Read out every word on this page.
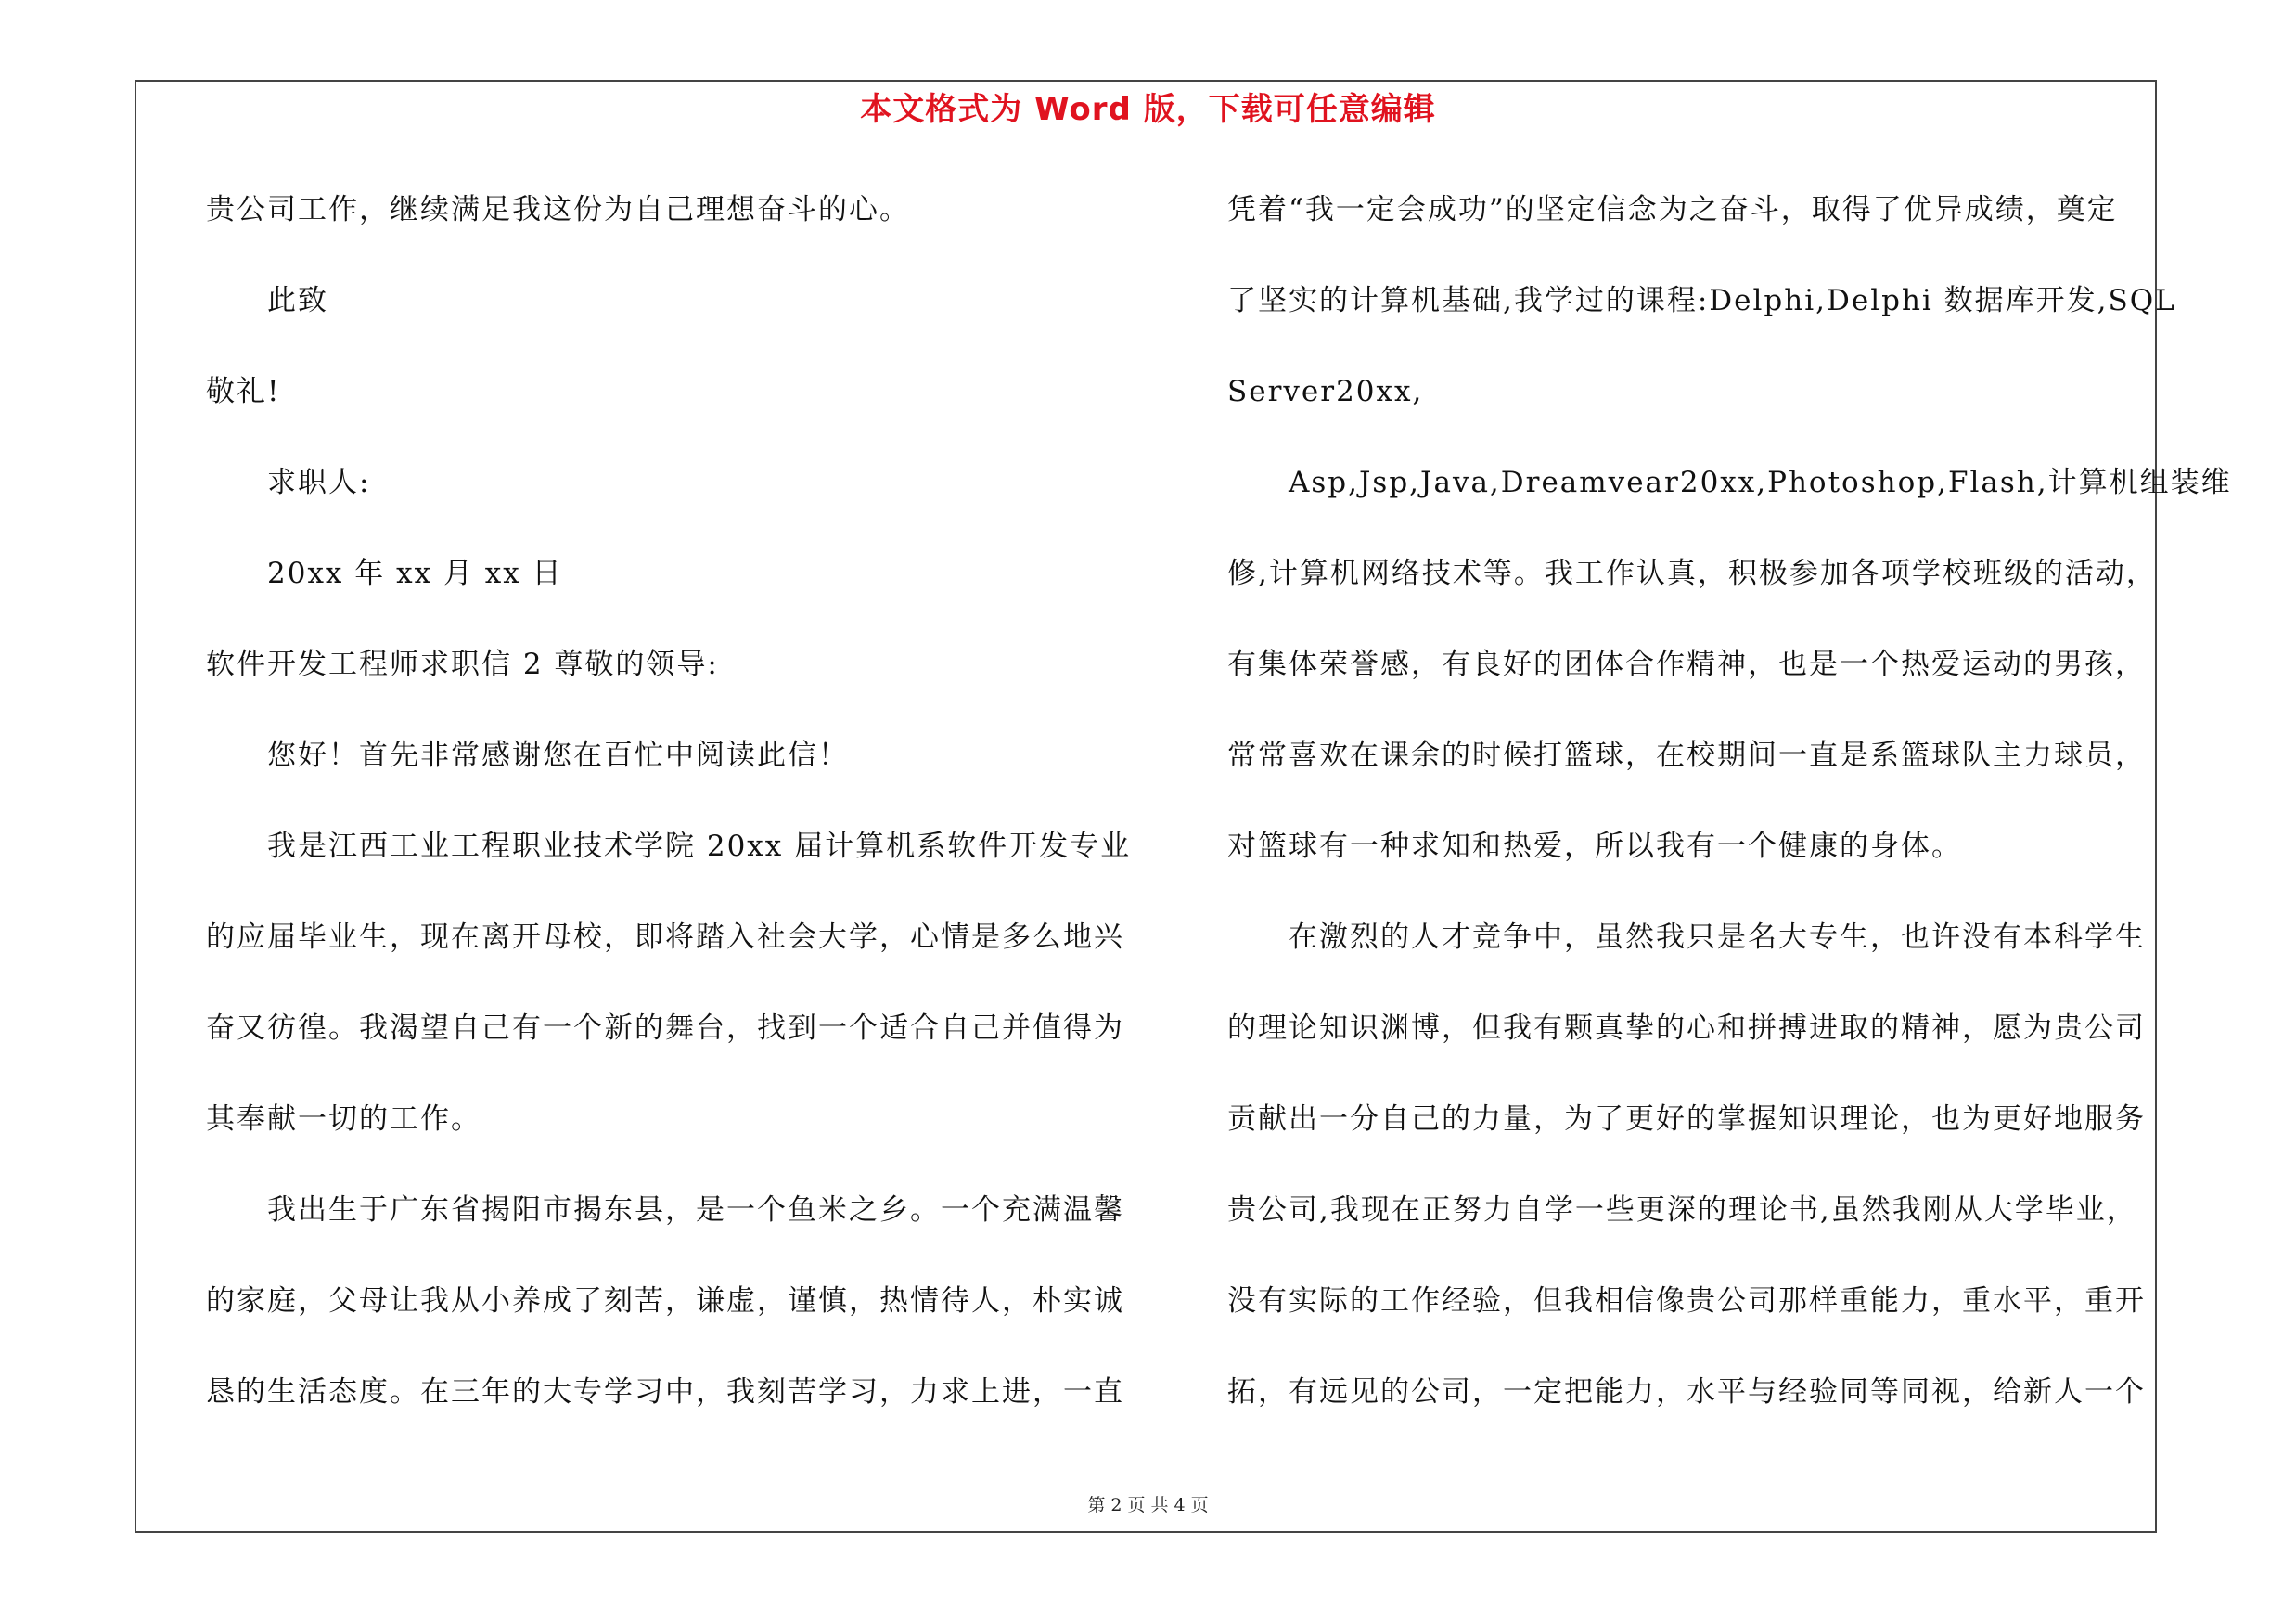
本文格式为 Word 版，下载可任意编辑
贵公司工作，继续满足我这份为自己理想奋斗的心。
此致
敬礼!
求职人:
20xx 年 xx 月 xx 日
软件开发工程师求职信 2 尊敬的领导:
您好！首先非常感谢您在百忙中阅读此信！
我是江西工业工程职业技术学院 20xx 届计算机系软件开发专业
的应届毕业生，现在离开母校，即将踏入社会大学，心情是多么地兴
奋又彷徨。我渴望自己有一个新的舞台，找到一个适合自己并值得为
其奉献一切的工作。
我出生于广东省揭阳市揭东县，是一个鱼米之乡。一个充满温馨
的家庭，父母让我从小养成了刻苦，谦虚，谨慎，热情待人，朴实诚
恳的生活态度。在三年的大专学习中，我刻苦学习，力求上进，一直
凭着“我一定会成功”的坚定信念为之奋斗，取得了优异成绩，奠定
了坚实的计算机基础,我学过的课程:Delphi,Delphi 数据库开发,SQL
Server20xx,
Asp,Jsp,Java,Dreamvear20xx,Photoshop,Flash,计算机组装维
修,计算机网络技术等。我工作认真，积极参加各项学校班级的活动，
有集体荣誉感，有良好的团体合作精神，也是一个热爱运动的男孩，
常常喜欢在课余的时候打篮球，在校期间一直是系篮球队主力球员，
对篮球有一种求知和热爱，所以我有一个健康的身体。
在激烈的人才竞争中，虽然我只是名大专生，也许没有本科学生
的理论知识渊博，但我有颗真挚的心和拼搏进取的精神，愿为贵公司
贡献出一分自己的力量，为了更好的掌握知识理论，也为更好地服务
贵公司,我现在正努力自学一些更深的理论书,虽然我刚从大学毕业，
没有实际的工作经验，但我相信像贵公司那样重能力，重水平，重开
拓，有远见的公司，一定把能力，水平与经验同等同视，给新人一个
第 2 页 共 4 页
